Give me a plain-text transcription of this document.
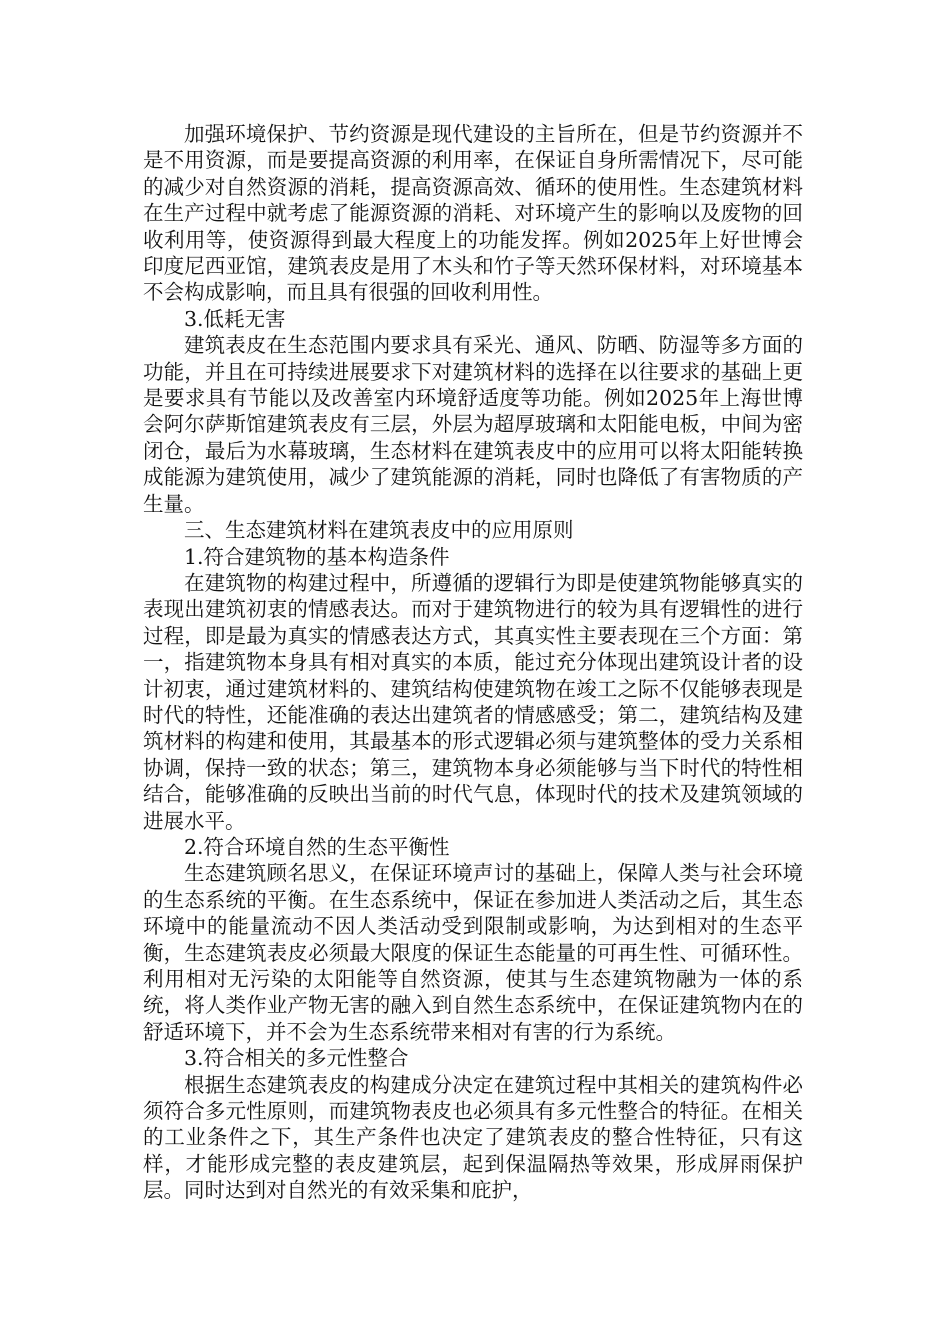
加强环境保护、节约资源是现代建设的主旨所在，但是节约资源并不是不用资源，而是要提高资源的利用率，在保证自身所需情况下，尽可能的减少对自然资源的消耗，提高资源高效、循环的使用性。生态建筑材料在生产过程中就考虑了能源资源的消耗、对环境产生的影响以及废物的回收利用等，使资源得到最大程度上的功能发挥。例如2025年上好世博会印度尼西亚馆，建筑表皮是用了木头和竹子等天然环保材料，对环境基本不会构成影响，而且具有很强的回收利用性。

3.低耗无害

建筑表皮在生态范围内要求具有采光、通风、防晒、防湿等多方面的功能，并且在可持续进展要求下对建筑材料的选择在以往要求的基础上更是要求具有节能以及改善室内环境舒适度等功能。例如2025年上海世博会阿尔萨斯馆建筑表皮有三层，外层为超厚玻璃和太阳能电板，中间为密闭仓，最后为水幕玻璃，生态材料在建筑表皮中的应用可以将太阳能转换成能源为建筑使用，减少了建筑能源的消耗，同时也降低了有害物质的产生量。

三、生态建筑材料在建筑表皮中的应用原则

1.符合建筑物的基本构造条件

在建筑物的构建过程中，所遵循的逻辑行为即是使建筑物能够真实的表现出建筑初衷的情感表达。而对于建筑物进行的较为具有逻辑性的进行过程，即是最为真实的情感表达方式，其真实性主要表现在三个方面：第一，指建筑物本身具有相对真实的本质，能过充分体现出建筑设计者的设计初衷，通过建筑材料的、建筑结构使建筑物在竣工之际不仅能够表现是时代的特性，还能准确的表达出建筑者的情感感受；第二，建筑结构及建筑材料的构建和使用，其最基本的形式逻辑必须与建筑整体的受力关系相协调，保持一致的状态；第三，建筑物本身必须能够与当下时代的特性相结合，能够准确的反映出当前的时代气息，体现时代的技术及建筑领域的进展水平。

2.符合环境自然的生态平衡性

生态建筑顾名思义，在保证环境声讨的基础上，保障人类与社会环境的生态系统的平衡。在生态系统中，保证在参加进人类活动之后，其生态环境中的能量流动不因人类活动受到限制或影响，为达到相对的生态平衡，生态建筑表皮必须最大限度的保证生态能量的可再生性、可循环性。利用相对无污染的太阳能等自然资源，使其与生态建筑物融为一体的系统，将人类作业产物无害的融入到自然生态系统中，在保证建筑物内在的舒适环境下，并不会为生态系统带来相对有害的行为系统。

3.符合相关的多元性整合

根据生态建筑表皮的构建成分决定在建筑过程中其相关的建筑构件必须符合多元性原则，而建筑物表皮也必须具有多元性整合的特征。在相关的工业条件之下，其生产条件也决定了建筑表皮的整合性特征，只有这样，才能形成完整的表皮建筑层，起到保温隔热等效果，形成屏雨保护层。同时达到对自然光的有效采集和庇护，
